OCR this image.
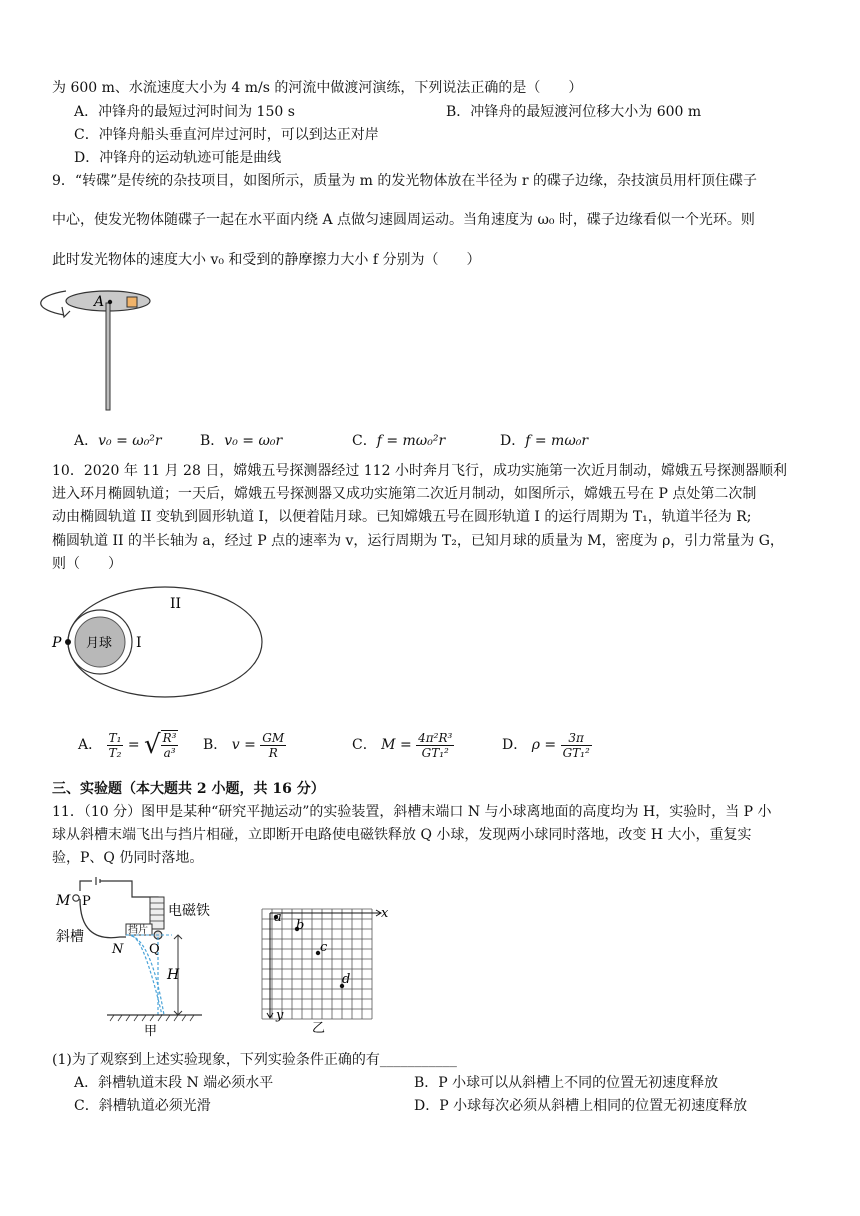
为 600 m、水流速度大小为 4 m/s 的河流中做渡河演练，下列说法正确的是（　　）
A．冲锋舟的最短过河时间为 150 s	B．冲锋舟的最短渡河位移大小为 600 m
C．冲锋舟船头垂直河岸过河时，可以到达正对岸
D．冲锋舟的运动轨迹可能是曲线
9．“转碟”是传统的杂技项目，如图所示，质量为 m 的发光物体放在半径为 r 的碟子边缘，杂技演员用杆顶住碟子
中心，使发光物体随碟子一起在水平面内绕 A 点做匀速圆周运动。当角速度为 ω₀ 时，碟子边缘看似一个光环。则
此时发光物体的速度大小 v₀ 和受到的静摩擦力大小 f 分别为（　　）
A
A．v₀ = ω₀²r	B．v₀ = ω₀r	C．f = mω₀²r	D．f = mω₀r
10．2020 年 11 月 28 日，嫦娥五号探测器经过 112 小时奔月飞行，成功实施第一次近月制动，嫦娥五号探测器顺利
进入环月椭圆轨道；一天后，嫦娥五号探测器又成功实施第二次近月制动，如图所示，嫦娥五号在 P 点处第二次制
动由椭圆轨道 II 变轨到圆形轨道 I，以便着陆月球。已知嫦娥五号在圆形轨道 I 的运行周期为 T₁，轨道半径为 R;
椭圆轨道 II 的半长轴为 a，经过 P 点的速率为 v，运行周期为 T₂，已知月球的质量为 M，密度为 ρ，引力常量为 G，
则（　　）
月球
P	I
II
A． $\frac{\text{T₁}}{\text{T₂}}$ = √ $\frac{\text{R³}}{\text{a³}}$ B． $v = \frac{GM}{R}$	C． $M = \frac{\text{4π²R³}}{\text{GT₁²}}$	D． $\rho = \frac{3\pi}{\text{GT₁²}}$
三、实验题（本大题共 2 小题，共 16 分）
11．（10 分）图甲是某种“研究平抛运动”的实验装置，斜槽末端口 N 与小球离地面的高度均为 H，实验时，当 P 小
球从斜槽末端飞出与挡片相碰，立即断开电路使电磁铁释放 Q 小球，发现两小球同时落地，改变 H 大小，重复实
验，P、Q 仍同时落地。
M P
电磁铁
斜槽	挡片
N Q
H
甲
x
y
a
b
c
d
乙
(1)为了观察到上述实验现象，下列实验条件正确的有___________
A．斜槽轨道末段 N 端必须水平	B．P 小球可以从斜槽上不同的位置无初速度释放
C．斜槽轨道必须光滑	D．P 小球每次必须从斜槽上相同的位置无初速度释放
